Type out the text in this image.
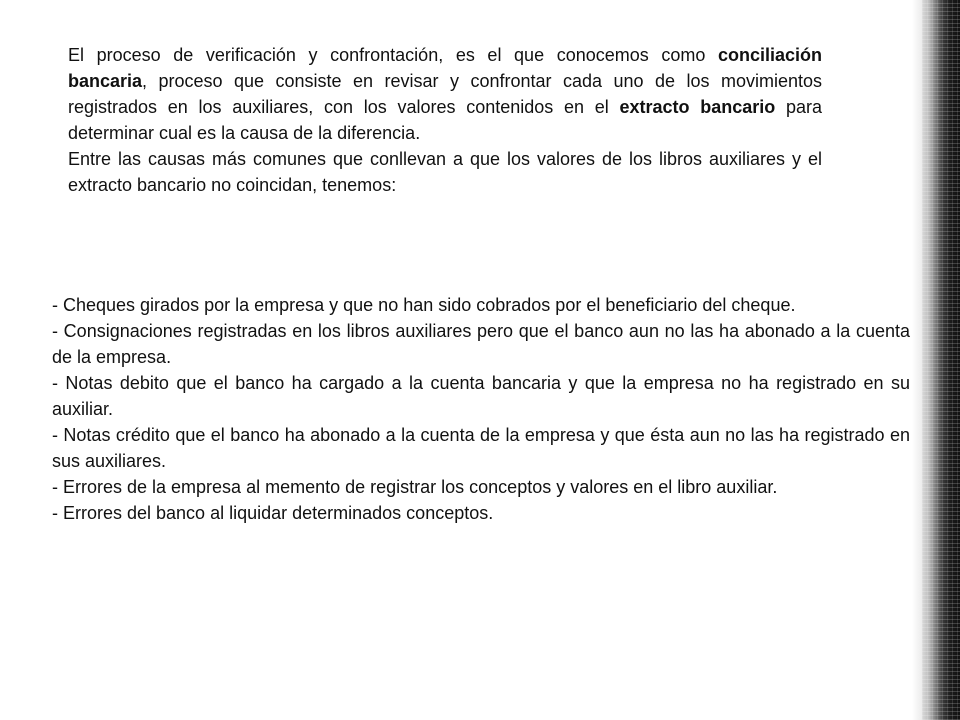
El proceso de verificación y confrontación, es el que conocemos como conciliación bancaria, proceso que consiste en revisar y confrontar cada uno de los movimientos registrados en los auxiliares, con los valores contenidos en el extracto bancario para determinar cual es la causa de la diferencia.

Entre las causas más comunes que conllevan a que los valores de los libros auxiliares y el extracto bancario no coincidan, tenemos:

- Cheques girados por la empresa y que no han sido cobrados por el beneficiario del cheque.

- Consignaciones registradas en los libros auxiliares pero que el banco aun no las ha abonado a la cuenta de la empresa.

- Notas debito que el banco ha cargado a la cuenta bancaria y que la empresa no ha registrado en su auxiliar.

- Notas crédito que el banco ha abonado a la cuenta de la empresa y que ésta aun no las ha registrado en sus auxiliares.

- Errores de la empresa al memento de registrar los conceptos y valores en el libro auxiliar.

- Errores del banco al liquidar determinados conceptos.
